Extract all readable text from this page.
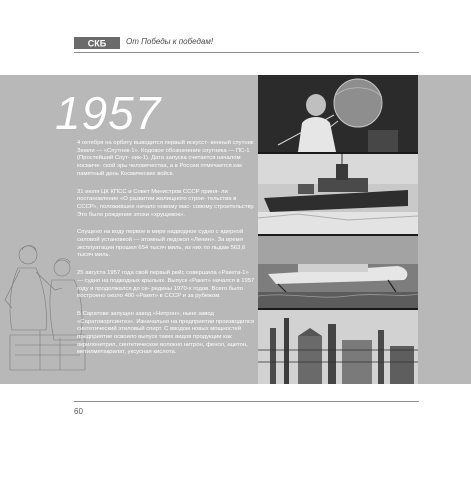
СКБ От Победы к победам!
1957

4 октября на орбиту выводится первый искусст- венный спутник Земли — «Спутник-1». Кодовое обозначение спутника — ПС-1 (Простейший Спут- ник-1). Дата запуска считается началом космиче- ской эры человечества, а в России отмечается как памятный день Космических войск.

31 июля ЦК КПСС и Совет Министров СССР приня- ли постановление «О развитии жилищного строи- тельства в СССР», положившее начало новому мас- совому строительству. Это было рождение эпохи «хрущевок».

Спущено на воду первое в мире надводное судно с ядерной силовой установкой — атомный ледокол «Ленин». За время эксплуатации прошел 654 тысяч миль, из них по льдам 563,6 тысяч миль.

25 августа 1957 года свой первый рейс совершила «Ракета-1» — судно на подводных крыльях. Выпуск «Ракет» начался в 1957 году и продолжался до се- редины 1970-х годов. Всего было построено около 400 «Ракет» в СССР и за рубежом.

В Саратове запущен завод «Нитрон», ныне завод «Саратоворгсинтез». Изначально на предприятии производился синтетический этиловый спирт. С вводом новых мощностей предприятие освоило выпуск таких видов продукции как акрилонитрил, синтетическое волокно нитрон, фенол, ацетон, метилметакрилат, уксусная кислота.

60
